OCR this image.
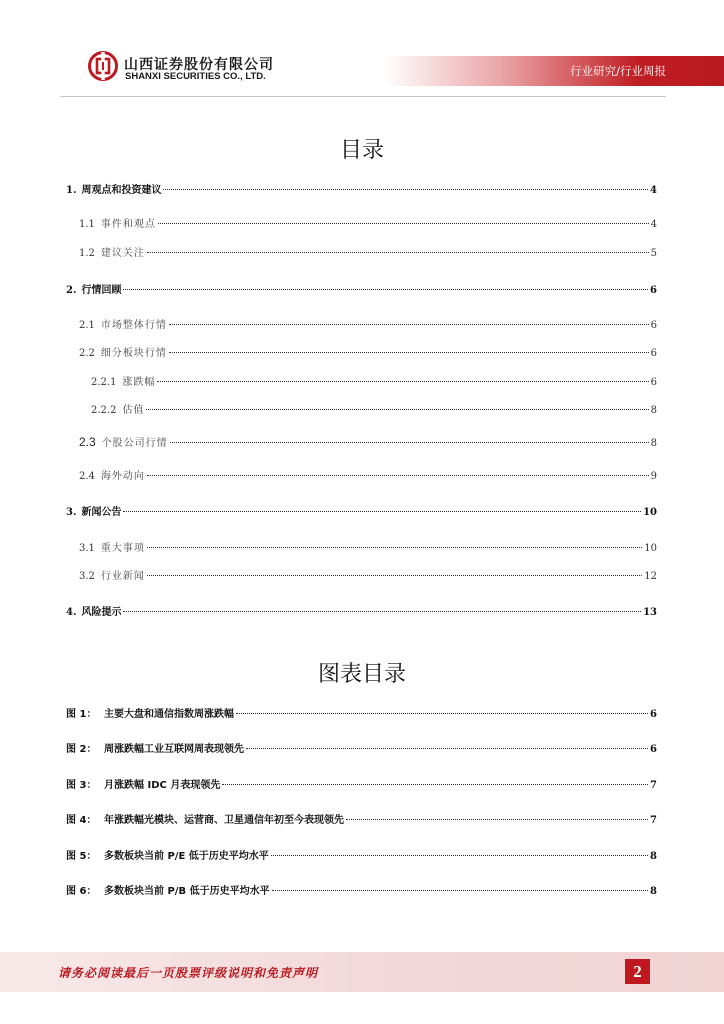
山西证券股份有限公司
SHANXI SECURITIES CO., LTD.	行业研究/行业周报
目录
1. 周观点和投资建议	4
1.1 事件和观点	4
1.2 建议关注	5
2. 行情回顾	6
2.1 市场整体行情	6
2.2 细分板块行情	6
2.2.1 涨跌幅	6
2.2.2 估值	8
2.3 个股公司行情	8
2.4 海外动向	9
3. 新闻公告	10
3.1 重大事项	10
3.2 行业新闻	12
4. 风险提示	13
图表目录
图 1： 主要大盘和通信指数周涨跌幅	6
图 2： 周涨跌幅工业互联网周表现领先	6
图 3： 月涨跌幅 IDC 月表现领先	7
图 4： 年涨跌幅光模块、运营商、卫星通信年初至今表现领先	7
图 5： 多数板块当前 P/E 低于历史平均水平	8
图 6： 多数板块当前 P/B 低于历史平均水平	8
请务必阅读最后一页股票评级说明和免责声明	2
